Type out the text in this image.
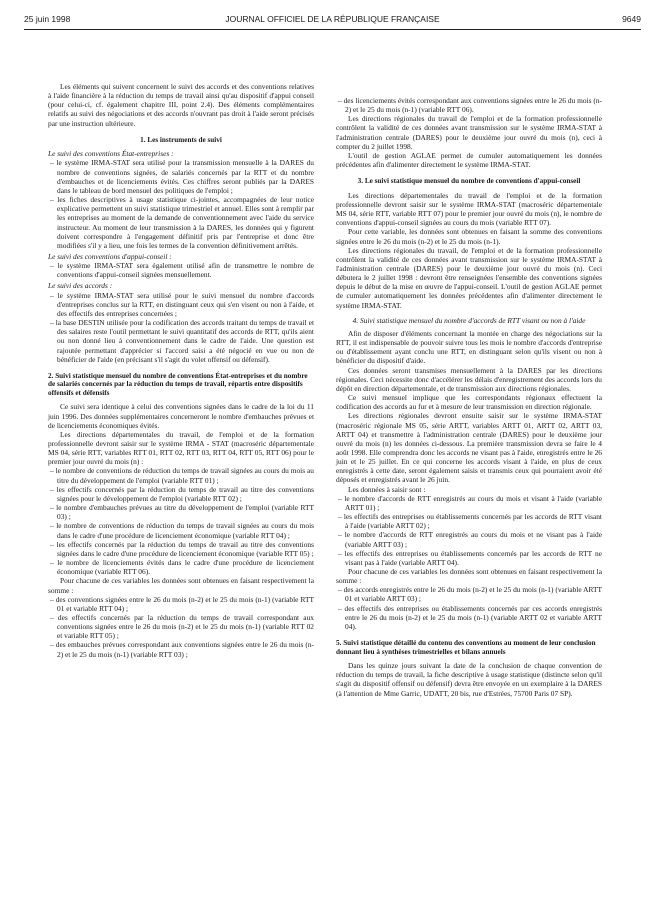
25 juin 1998	JOURNAL OFFICIEL DE LA RÉPUBLIQUE FRANÇAISE	9649

Les éléments qui suivent concernent le suivi des accords et des conventions relatives à l'aide financière à la réduction du temps de travail ainsi qu'au dispositif d'appui conseil (pour celui-ci, cf. également chapitre III, point 2.4). Des éléments complémentaires relatifs au suivi des négociations et des accords n'ouvrant pas droit à l'aide seront précisés par une instruction ultérieure.

1. Les instruments de suivi

Le suivi des conventions État-entreprises :

– le système IRMA-STAT sera utilisé pour la transmission mensuelle à la DARES du nombre de conventions signées, de salariés concernés par la RTT et du nombre d'embauches et de licenciements évités. Ces chiffres seront publiés par la DARES dans le tableau de bord mensuel des politiques de l'emploi ;
– les fiches descriptives à usage statistique ci-jointes, accompagnées de leur notice explicative permettent un suivi statistique trimestriel et annuel. Elles sont à remplir par les entreprises au moment de la demande de conventionnement avec l'aide du service instructeur. Au moment de leur transmission à la DARES, les données qui y figurent doivent correspondre à l'engagement définitif pris par l'entreprise et donc être modifiées s'il y a lieu, une fois les termes de la convention définitivement arrêtés.

Le suivi des conventions d'appui-conseil :

– le système IRMA-STAT sera également utilisé afin de transmettre le nombre de conventions d'appui-conseil signées mensuellement.

Le suivi des accords :

– le système IRMA-STAT sera utilisé pour le suivi mensuel du nombre d'accords d'entreprises conclus sur la RTT, en distinguant ceux qui s'en visent ou non à l'aide, et des effectifs des entreprises concernées ;
– la base DESTIN utilisée pour la codification des accords traitant du temps de travail et des salaires reste l'outil permettant le suivi quantitatif des accords de RTT, qu'ils aient ou non donné lieu à conventionnement dans le cadre de l'aide. Une question est rajoutée permettant d'apprécier si l'accord saisi a été négocié en vue ou non de bénéficier de l'aide (en précisant s'il s'agit du volet offensif ou défensif).

2. Suivi statistique mensuel du nombre de conventions État-entreprises et du nombre de salariés concernés par la réduction du temps de travail, répartis entre dispositifs offensifs et défensifs

Ce suivi sera identique à celui des conventions signées dans le cadre de la loi du 11 juin 1996. Des données supplémentaires concerneront le nombre d'embauches prévues et de licenciements économiques évités.

Les directions départementales du travail, de l'emploi et de la formation professionnelle devront saisir sur le système IRMA - STAT (macroséric départementale MS 04, série RTT, variables RTT 01, RTT 02, RTT 03, RTT 04, RTT 05, RTT 06) pour le premier jour ouvré du mois (n) :

– le nombre de conventions de réduction du temps de travail signées au cours du mois au titre du développement de l'emploi (variable RTT 01) ;
– les effectifs concernés par la réduction du temps de travail au titre des conventions signées pour le développement de l'emploi (variable RTT 02) ;
– le nombre d'embauches prévues au titre du développement de l'emploi (variable RTT 03) ;
– le nombre de conventions de réduction du temps de travail signées au cours du mois dans le cadre d'une procédure de licenciement économique (variable RTT 04) ;
– les effectifs concernés par la réduction du temps de travail au titre des conventions signées dans le cadre d'une procédure de licenciement économique (variable RTT 05) ;
– le nombre de licenciements évités dans le cadre d'une procédure de licenciement économique (variable RTT 06).

Pour chacune de ces variables les données sont obtenues en faisant respectivement la somme :

– des conventions signées entre le 26 du mois (n-2) et le 25 du mois (n-1) (variable RTT 01 et variable RTT 04) ;
– des effectifs concernés par la réduction du temps de travail correspondant aux conventions signées entre le 26 du mois (n-2) et le 25 du mois (n-1) (variable RTT 02 et variable RTT 05) ;
– des embauches prévues correspondant aux conventions signées entre le 26 du mois (n-2) et le 25 du mois (n-1) (variable RTT 03) ;
– des licenciements évités correspondant aux conventions signées entre le 26 du mois (n-2) et le 25 du mois (n-1) (variable RTT 06).

Les directions régionales du travail de l'emploi et de la formation professionnelle contrôlent la validité de ces données avant transmission sur le système IRMA-STAT à l'administration centrale (DARES) pour le deuxième jour ouvré du mois (n), ceci à compter du 2 juillet 1998.

L'outil de gestion AGLAE permet de cumuler automatiquement les données précédentes afin d'alimenter directement le système IRMA-STAT.

3. Le suivi statistique mensuel du nombre de conventions d'appui-conseil

Les directions départementales du travail de l'emploi et de la formation professionnelle devront saisir sur le système IRMA-STAT (macroséric départementale MS 04, série RTT, variable RTT 07) pour le premier jour ouvré du mois (n), le nombre de conventions d'appui-conseil signées au cours du mois (variable RTT 07).

Pour cette variable, les données sont obtenues en faisant la somme des conventions signées entre le 26 du mois (n-2) et le 25 du mois (n-1).

Les directions régionales du travail, de l'emploi et de la formation professionnelle contrôlent la validité de ces données avant transmission sur le système IRMA-STAT à l'administration centrale (DARES) pour le deuxième jour ouvré du mois (n). Ceci débutera le 2 juillet 1998 : devront être renseignées l'ensemble des conventions signées depuis le début de la mise en œuvre de l'appui-conseil. L'outil de gestion AGLAE permet de cumuler automatiquement les données précédentes afin d'alimenter directement le système IRMA-STAT.

4. Suivi statistique mensuel du nombre d'accords de RTT visant ou non à l'aide

Afin de disposer d'éléments concernant la montée en charge des négociations sur la RTT, il est indispensable de pouvoir suivre tous les mois le nombre d'accords d'entreprise ou d'établissement ayant conclu une RTT, en distinguant selon qu'ils visent ou non à bénéficier du dispositif d'aide.

Ces données seront transmises mensuellement à la DARES par les directions régionales. Ceci nécessite donc d'accélérer les délais d'enregistrement des accords lors du dépôt en direction départementale, et de transmission aux directions régionales.

Ce suivi mensuel implique que les correspondants régionaux effectuent la codification des accords au fur et à mesure de leur transmission en direction régionale.

Les directions régionales devront ensuite saisir sur le système IRMA-STAT (macroséric régionale MS 05, série ARTT, variables ARTT 01, ARTT 02, ARTT 03, ARTT 04) et transmettre à l'administration centrale (DARES) pour le deuxième jour ouvré du mois (n) les données ci-dessous. La première transmission devra se faire le 4 août 1998. Elle comprendra donc les accords ne visant pas à l'aide, enregistrés entre le 26 juin et le 25 juillet. En ce qui concerne les accords visant à l'aide, en plus de ceux enregistrés à cette date, seront également saisis et transmis ceux qui pourraient avoir été déposés et enregistrés avant le 26 juin.

Les données à saisir sont :

– le nombre d'accords de RTT enregistrés au cours du mois et visant à l'aide (variable ARTT 01) ;
– les effectifs des entreprises ou établissements concernés par les accords de RTT visant à l'aide (variable ARTT 02) ;
– le nombre d'accords de RTT enregistrés au cours du mois et ne visant pas à l'aide (variable ARTT 03) ;
– les effectifs des entreprises ou établissements concernés par les accords de RTT ne visant pas à l'aide (variable ARTT 04).

Pour chacune de ces variables les données sont obtenues en faisant respectivement la somme :

– des accords enregistrés entre le 26 du mois (n-2) et le 25 du mois (n-1) (variable ARTT 01 et variable ARTT 03) ;
– des effectifs des entreprises ou établissements concernés par ces accords enregistrés entre le 26 du mois (n-2) et le 25 du mois (n-1) (variable ARTT 02 et variable ARTT 04).

5. Suivi statistique détaillé du contenu des conventions au moment de leur conclusion donnant lieu à synthèses trimestrielles et bilans annuels

Dans les quinze jours suivant la date de la conclusion de chaque convention de réduction du temps de travail, la fiche descriptive à usage statistique (distincte selon qu'il s'agit du dispositif offensif ou défensif) devra être envoyée en un exemplaire à la DARES (à l'attention de Mme Garric, UDATT, 20 bis, rue d'Estrées, 75700 Paris 07 SP).
